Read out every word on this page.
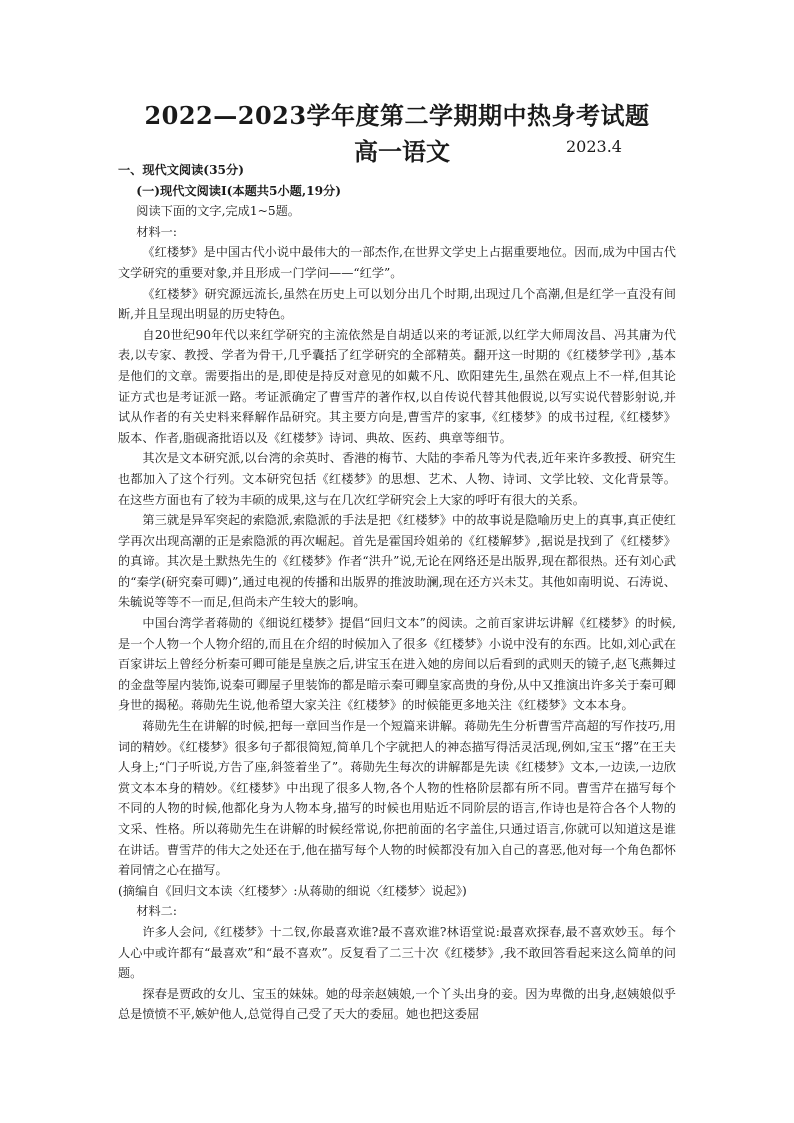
2022—2023学年度第二学期期中热身考试题
高一语文	2023.4

一、现代文阅读(35分)

(一)现代文阅读Ⅰ(本题共5小题,19分)

阅读下面的文字,完成1~5题。

材料一:

《红楼梦》是中国古代小说中最伟大的一部杰作,在世界文学史上占据重要地位。因而,成为中国古代文学研究的重要对象,并且形成一门学问——“红学”。

《红楼梦》研究源远流长,虽然在历史上可以划分出几个时期,出现过几个高潮,但是红学一直没有间断,并且呈现出明显的历史特色。

自20世纪90年代以来红学研究的主流依然是自胡适以来的考证派,以红学大师周汝昌、冯其庸为代表,以专家、教授、学者为骨干,几乎囊括了红学研究的全部精英。翻开这一时期的《红楼梦学刊》,基本是他们的文章。需要指出的是,即使是持反对意见的如戴不凡、欧阳建先生,虽然在观点上不一样,但其论证方式也是考证派一路。考证派确定了曹雪芹的著作权,以自传说代替其他假说,以写实说代替影射说,并试从作者的有关史料来释解作品研究。其主要方向是,曹雪芹的家事,《红楼梦》的成书过程,《红楼梦》版本、作者,脂砚斋批语以及《红楼梦》诗词、典故、医药、典章等细节。

其次是文本研究派,以台湾的余英时、香港的梅节、大陆的李希凡等为代表,近年来许多教授、研究生也都加入了这个行列。文本研究包括《红楼梦》的思想、艺术、人物、诗词、文学比较、文化背景等。在这些方面也有了较为丰硕的成果,这与在几次红学研究会上大家的呼吁有很大的关系。

第三就是异军突起的索隐派,索隐派的手法是把《红楼梦》中的故事说是隐喻历史上的真事,真正使红学再次出现高潮的正是索隐派的再次崛起。首先是霍国玲姐弟的《红楼解梦》,据说是找到了《红楼梦》的真谛。其次是土默热先生的《红楼梦》作者“洪升”说,无论在网络还是出版界,现在都很热。还有刘心武的“秦学(研究秦可卿)”,通过电视的传播和出版界的推波助澜,现在还方兴未艾。其他如南明说、石涛说、朱毓说等等不一而足,但尚未产生较大的影响。

中国台湾学者蒋勋的《细说红楼梦》提倡“回归文本”的阅读。之前百家讲坛讲解《红楼梦》的时候,是一个人物一个人物介绍的,而且在介绍的时候加入了很多《红楼梦》小说中没有的东西。比如,刘心武在百家讲坛上曾经分析秦可卿可能是皇族之后,讲宝玉在进入她的房间以后看到的武则天的镜子,赵飞燕舞过的金盘等屋内装饰,说秦可卿屋子里装饰的都是暗示秦可卿皇家高贵的身份,从中又推演出许多关于秦可卿身世的揭秘。蒋勋先生说,他希望大家关注《红楼梦》的时候能更多地关注《红楼梦》文本本身。

蒋勋先生在讲解的时候,把每一章回当作是一个短篇来讲解。蒋勋先生分析曹雪芹高超的写作技巧,用词的精妙。《红楼梦》很多句子都很简短,简单几个字就把人的神态描写得活灵活现,例如,宝玉“撂”在王夫人身上;“门子听说,方告了座,斜签着坐了”。蒋勋先生每次的讲解都是先读《红楼梦》文本,一边读,一边欣赏文本本身的精妙。《红楼梦》中出现了很多人物,各个人物的性格阶层都有所不同。曹雪芹在描写每个不同的人物的时候,他都化身为人物本身,描写的时候也用贴近不同阶层的语言,作诗也是符合各个人物的文采、性格。所以蒋勋先生在讲解的时候经常说,你把前面的名字盖住,只通过语言,你就可以知道这是谁在讲话。曹雪芹的伟大之处还在于,他在描写每个人物的时候都没有加入自己的喜恶,他对每一个角色都怀着同情之心在描写。

(摘编自《回归文本读〈红楼梦〉:从蒋勋的细说〈红楼梦〉说起》)

材料二:

许多人会问,《红楼梦》十二钗,你最喜欢谁?最不喜欢谁?林语堂说:最喜欢探春,最不喜欢妙玉。每个人心中或许都有“最喜欢”和“最不喜欢”。反复看了二三十次《红楼梦》,我不敢回答看起来这么简单的问题。

探春是贾政的女儿、宝玉的妹妹。她的母亲赵姨娘,一个丫头出身的妾。因为卑微的出身,赵姨娘似乎总是愤愤不平,嫉妒他人,总觉得自己受了天大的委屈。她也把这委屈
